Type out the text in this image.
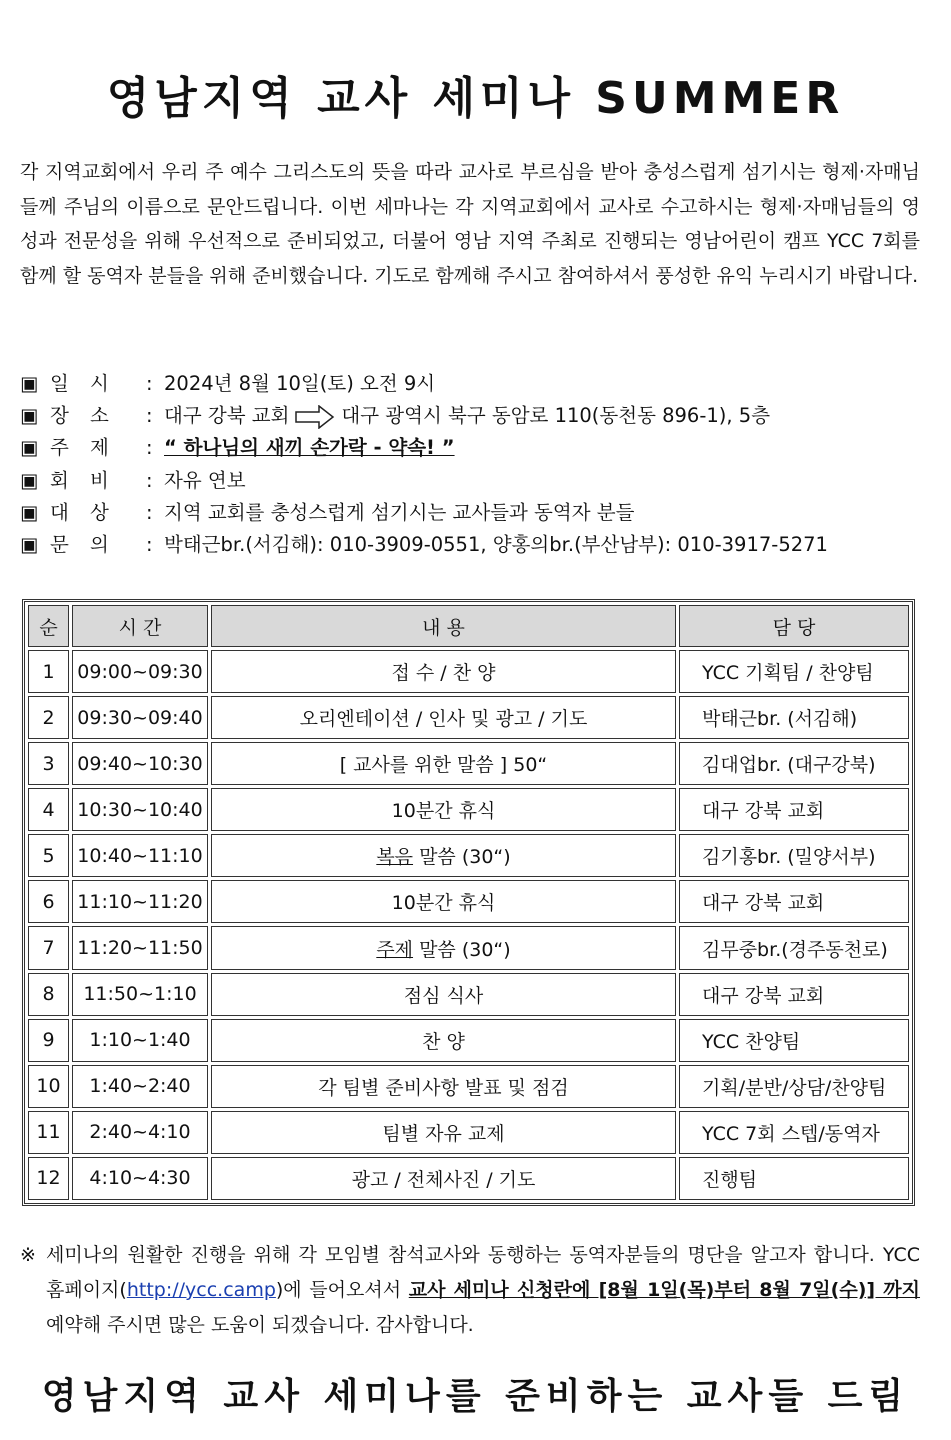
영남지역 교사 세미나 SUMMER

각 지역교회에서 우리 주 예수 그리스도의 뜻을 따라 교사로 부르심을 받아 충성스럽게 섬기시는 형제·자매님들께 주님의 이름으로 문안드립니다. 이번 세마나는 각 지역교회에서 교사로 수고하시는 형제·자매님들의 영성과 전문성을 위해 우선적으로 준비되었고, 더불어 영남 지역 주최로 진행되는 영남어린이 캠프 YCC 7회를 함께 할 동역자 분들을 위해 준비했습니다. 기도로 함께해 주시고 참여하셔서 풍성한 유익 누리시기 바랍니다.

▣ 일 시 : 2024년 8월 10일(토) 오전 9시
▣ 장 소 : 대구 강북 교회	대구 광역시 북구 동암로 110(동천동 896-1), 5층
▣ 주 제 : “ 하나님의 새끼 손가락 - 약속! ”
▣ 회 비 : 자유 연보
▣ 대 상 : 지역 교회를 충성스럽게 섬기시는 교사들과 동역자 분들
▣ 문 의 : 박태근br.(서김해): 010-3909-0551, 양홍의br.(부산남부): 010-3917-5271
순	시 간	내 용	담 당
1	09:00~09:30	접 수 / 찬 양	YCC 기획팀 / 찬양팀
2	09:30~09:40	오리엔테이션 / 인사 및 광고 / 기도	박태근br. (서김해)
3	09:40~10:30	[ 교사를 위한 말씀 ] 50“	김대업br. (대구강북)
4	10:30~10:40	10분간 휴식	대구 강북 교회
5	10:40~11:10	복음 말씀 (30“)	김기홍br. (밀양서부)
6	11:10~11:20	10분간 휴식	대구 강북 교회
7	11:20~11:50	주제 말씀 (30“)	김무중br.(경주동천로)
8	11:50~1:10	점심 식사	대구 강북 교회
9	1:10~1:40	찬 양	YCC 찬양팀
10	1:40~2:40	각 팀별 준비사항 발표 및 점검	기획/분반/상담/찬양팀
11	2:40~4:10	팀별 자유 교제	YCC 7회 스텝/동역자
12	4:10~4:30	광고 / 전체사진 / 기도	진행팀
※ 세미나의 원활한 진행을 위해 각 모임별 참석교사와 동행하는 동역자분들의 명단을 알고자 합니다. YCC 홈페이지(http://ycc.camp)에 들어오셔서 교사 세미나 신청란에 [8월 1일(목)부터 8월 7일(수)] 까지 예약해 주시면 많은 도움이 되겠습니다. 감사합니다.
영남지역 교사 세미나를 준비하는 교사들 드림
